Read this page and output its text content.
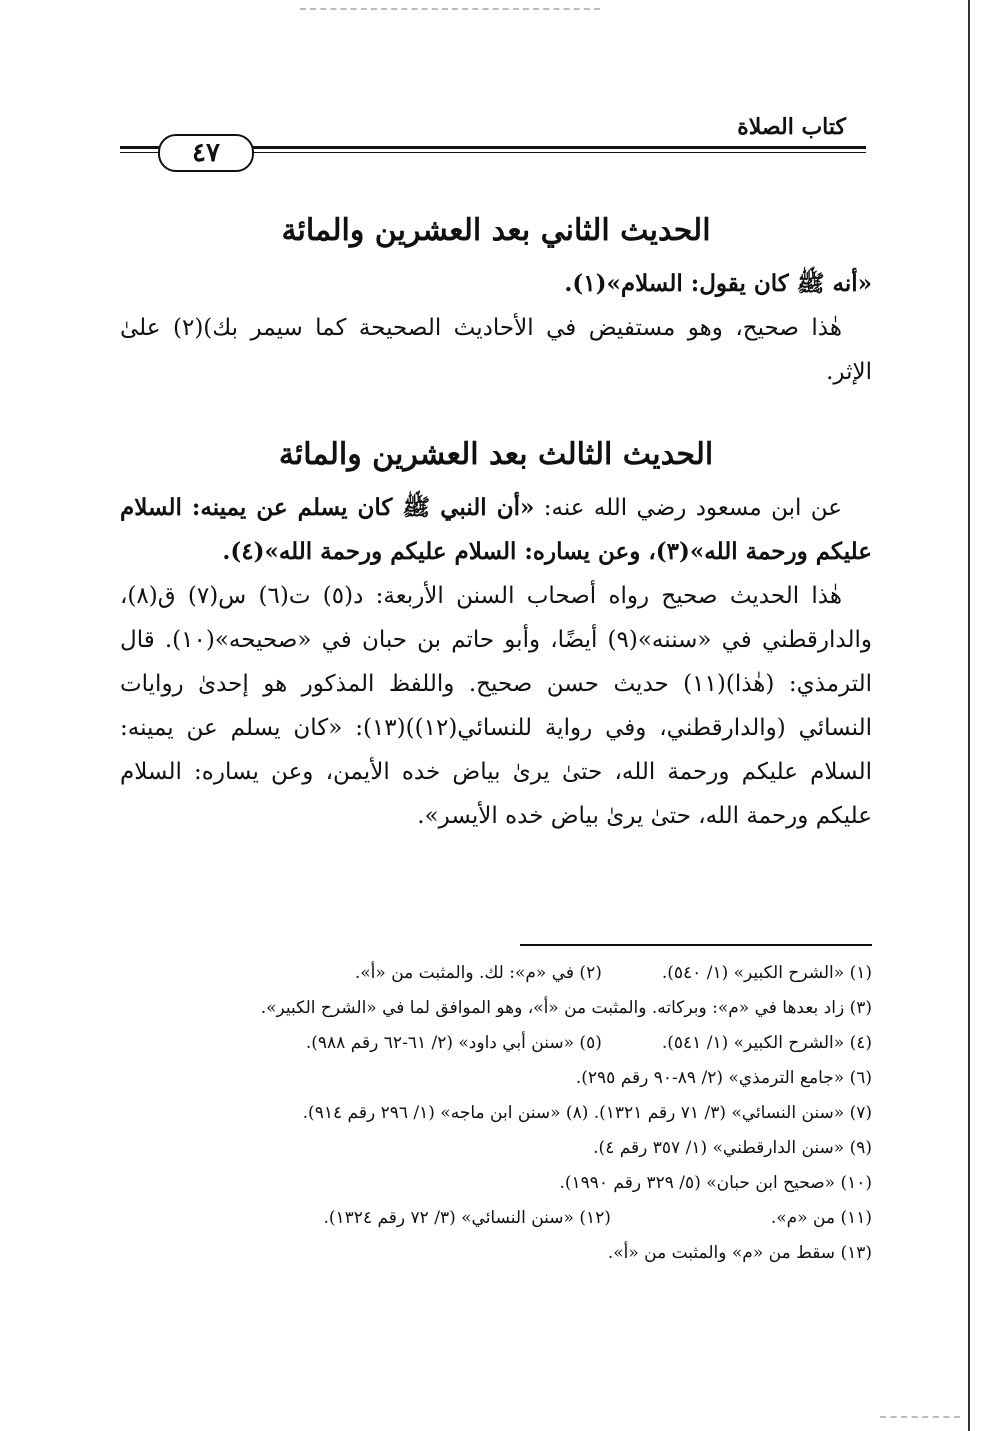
كتاب الصلاة
٤٧
الحديث الثاني بعد العشرين والمائة

«أنه ﷺ كان يقول: السلام»(١).

هٰذا صحيح، وهو مستفيض في الأحاديث الصحيحة كما سيمر بك)(٢) علىٰ الإثر.

الحديث الثالث بعد العشرين والمائة

عن ابن مسعود رضي الله عنه: «أن النبي ﷺ كان يسلم عن يمينه: السلام عليكم ورحمة الله»(٣)، وعن يساره: السلام عليكم ورحمة الله»(٤).

هٰذا الحديث صحيح رواه أصحاب السنن الأربعة: د(٥) ت(٦) س(٧) ق(٨)، والدارقطني في «سننه»(٩) أيضًا، وأبو حاتم بن حبان في «صحيحه»(١٠). قال الترمذي: (هٰذا)(١١) حديث حسن صحيح. واللفظ المذكور هو إحدىٰ روايات النسائي (والدارقطني، وفي رواية للنسائي(١٢))(١٣): «كان يسلم عن يمينه: السلام عليكم ورحمة الله، حتىٰ يرىٰ بياض خده الأيمن، وعن يساره: السلام عليكم ورحمة الله، حتىٰ يرىٰ بياض خده الأيسر».

(١) «الشرح الكبير» (١/ ٥٤٠).
(٢) في «م»: لك. والمثبت من «أ».
(٣) زاد بعدها في «م»: وبركاته. والمثبت من «أ»، وهو الموافق لما في «الشرح الكبير».
(٤) «الشرح الكبير» (١/ ٥٤١).
(٥) «سنن أبي داود» (٢/ ٦١-٦٢ رقم ٩٨٨).
(٦) «جامع الترمذي» (٢/ ٨٩-٩٠ رقم ٢٩٥).
(٧) «سنن النسائي» (٣/ ٧١ رقم ١٣٢١). (٨) «سنن ابن ماجه» (١/ ٢٩٦ رقم ٩١٤).
(٩) «سنن الدارقطني» (١/ ٣٥٧ رقم ٤).
(١٠) «صحيح ابن حبان» (٥/ ٣٢٩ رقم ١٩٩٠).
(١١) من «م».
(١٢) «سنن النسائي» (٣/ ٧٢ رقم ١٣٢٤).
(١٣) سقط من «م» والمثبت من «أ».
